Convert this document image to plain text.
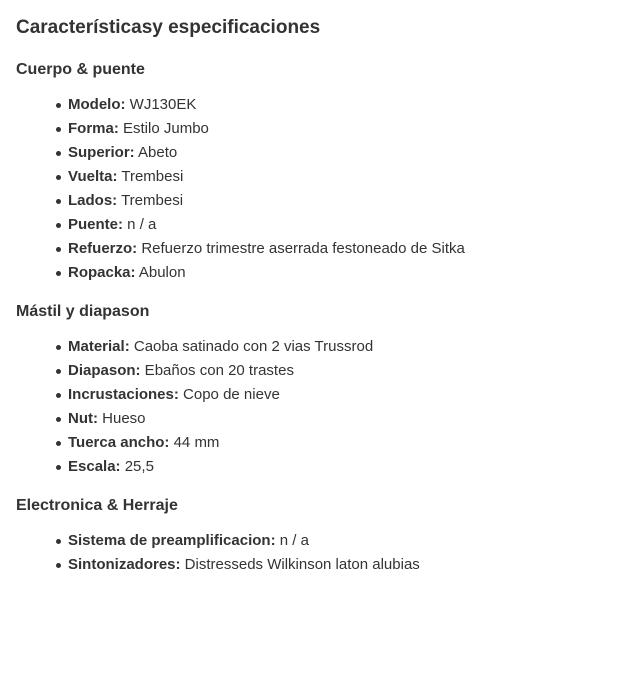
Característicasy especificaciones
Cuerpo & puente
Modelo: WJ130EK
Forma: Estilo Jumbo
Superior: Abeto
Vuelta: Trembesi
Lados: Trembesi
Puente: n / a
Refuerzo: Refuerzo trimestre aserrada festoneado de Sitka
Ropacka: Abulon
Mástil y diapason
Material: Caoba satinado con 2 vias Trussrod
Diapason: Ebaños con 20 trastes
Incrustaciones: Copo de nieve
Nut: Hueso
Tuerca ancho: 44 mm
Escala: 25,5
Electronica & Herraje
Sistema de preamplificacion: n / a
Sintonizadores: Distresseds Wilkinson laton alubias
